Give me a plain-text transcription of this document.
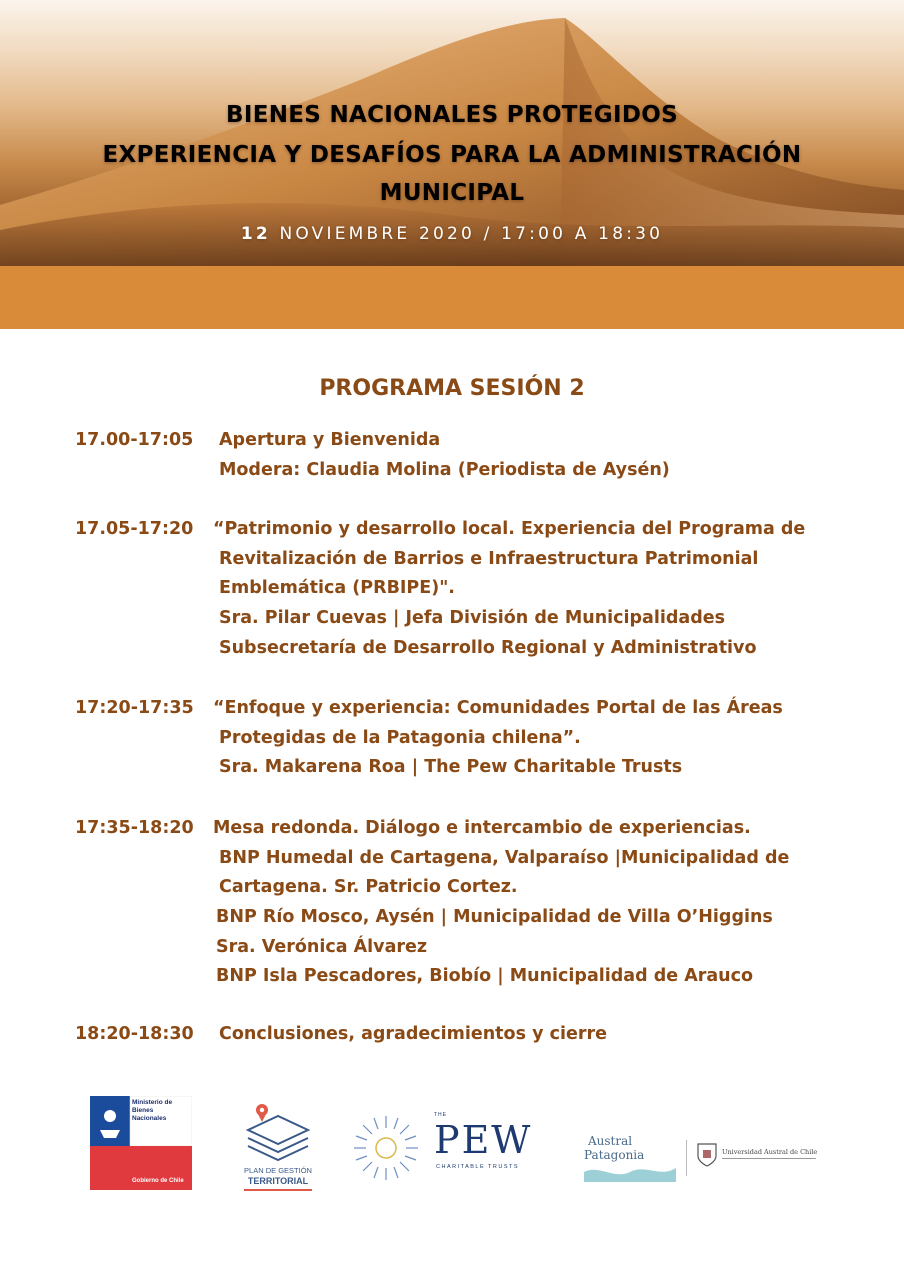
BIENES NACIONALES PROTEGIDOS
EXPERIENCIA Y DESAFÍOS PARA LA ADMINISTRACIÓN
MUNICIPAL
12 NOVIEMBRE 2020 / 17:00 A 18:30
PROGRAMA SESIÓN 2
17.00-17:05 Apertura y Bienvenida
Modera: Claudia Molina (Periodista de Aysén)
17.05-17:20 “Patrimonio y desarrollo local. Experiencia del Programa de
Revitalización de Barrios e Infraestructura Patrimonial
Emblemática (PRBIPE)".
Sra. Pilar Cuevas | Jefa División de Municipalidades
Subsecretaría de Desarrollo Regional y Administrativo
17:20-17:35 “Enfoque y experiencia: Comunidades Portal de las Áreas
Protegidas de la Patagonia chilena”.
Sra. Makarena Roa | The Pew Charitable Trusts
17:35-18:20 Mesa redonda. Diálogo e intercambio de experiencias.
BNP Humedal de Cartagena, Valparaíso |Municipalidad de
Cartagena. Sr. Patricio Cortez.
BNP Río Mosco, Aysén | Municipalidad de Villa O’Higgins
Sra. Verónica Álvarez
BNP Isla Pescadores, Biobío | Municipalidad de Arauco
18:20-18:30 Conclusiones, agradecimientos y cierre
Ministerio de
Bienes
Nacionales
Gobierno de Chile
PLAN DE GESTIÓN
TERRITORIAL
THE
PEW
CHARITABLE TRUSTS
Austral
Patagonia	Universidad Austral de Chile
